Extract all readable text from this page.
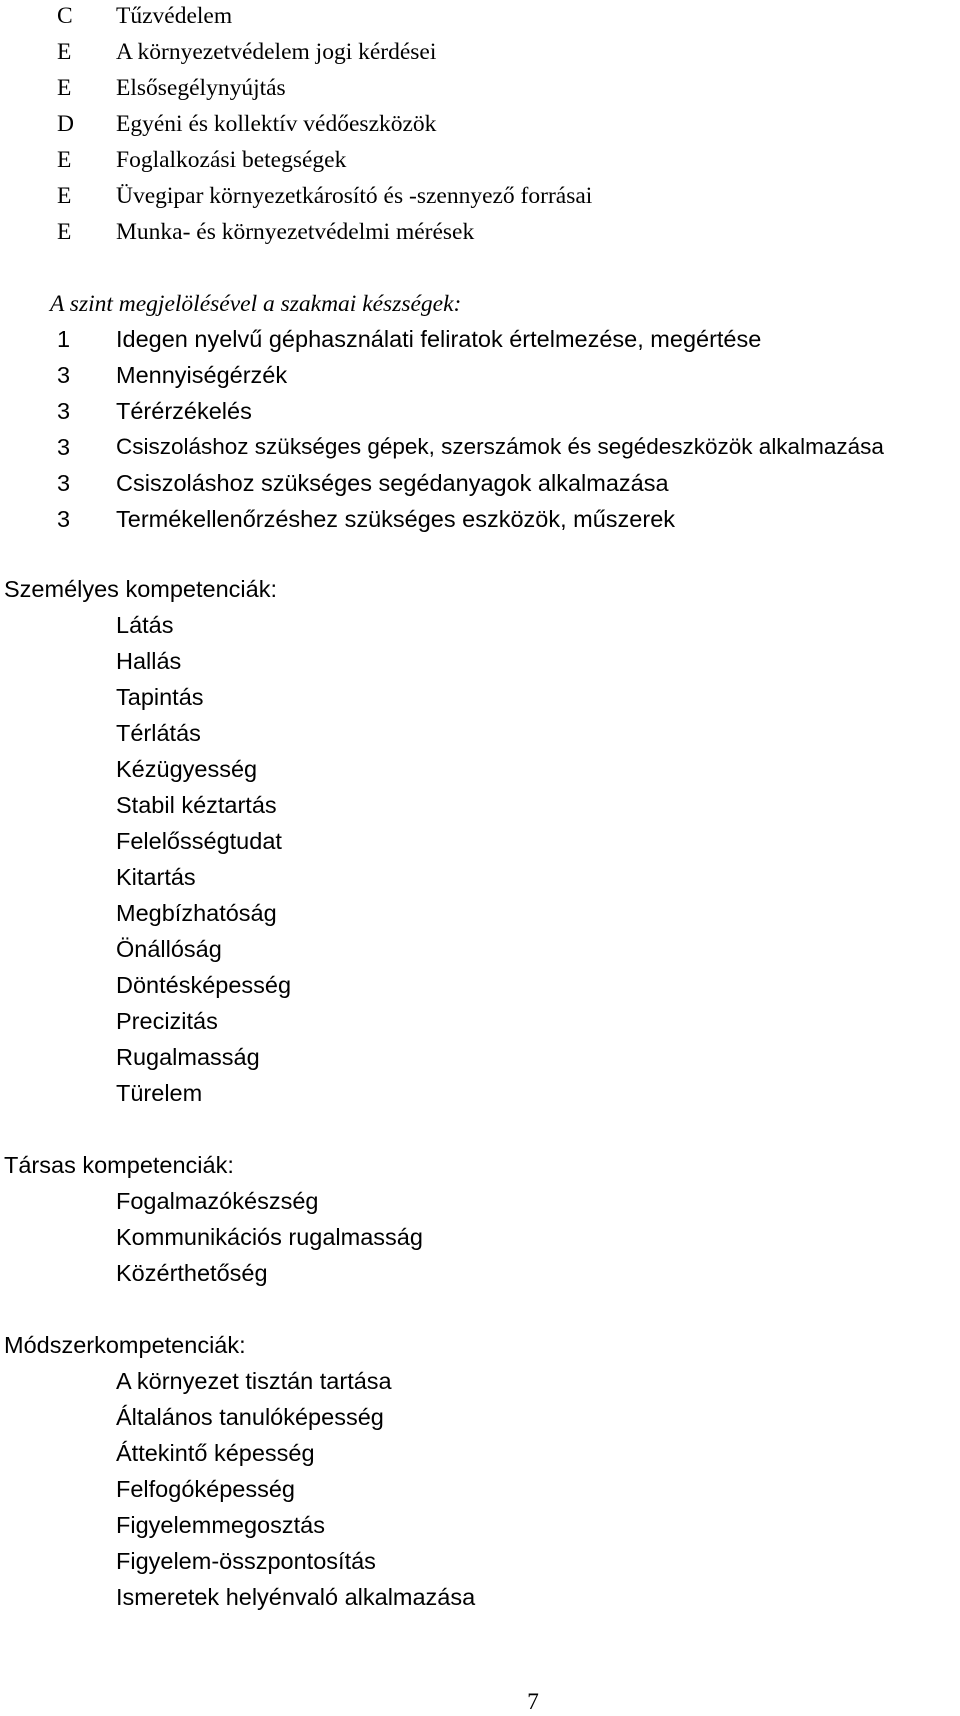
C Tűzvédelem
E A környezetvédelem jogi kérdései
E Elsősegélynyújtás
D Egyéni és kollektív védőeszközök
E Foglalkozási betegségek
E Üvegipar környezetkárosító és -szennyező forrásai
E Munka- és környezetvédelmi mérések
A szint megjelölésével a szakmai készségek:
1 Idegen nyelvű géphasználati feliratok értelmezése, megértése
3 Mennyiségérzék
3 Térérzékelés
3 Csiszoláshoz szükséges gépek, szerszámok és segédeszközök alkalmazása
3 Csiszoláshoz szükséges segédanyagok alkalmazása
3 Termékellenőrzéshez szükséges eszközök, műszerek
Személyes kompetenciák:
Látás
Hallás
Tapintás
Térlátás
Kézügyesség
Stabil kéztartás
Felelősségtudat
Kitartás
Megbízhatóság
Önállóság
Döntésképesség
Precizitás
Rugalmasság
Türelem
Társas kompetenciák:
Fogalmazókészség
Kommunikációs rugalmasság
Közérthetőség
Módszerkompetenciák:
A környezet tisztán tartása
Általános tanulóképesség
Áttekintő képesség
Felfogóképesség
Figyelemmegosztás
Figyelem-összpontosítás
Ismeretek helyénvaló alkalmazása
7
